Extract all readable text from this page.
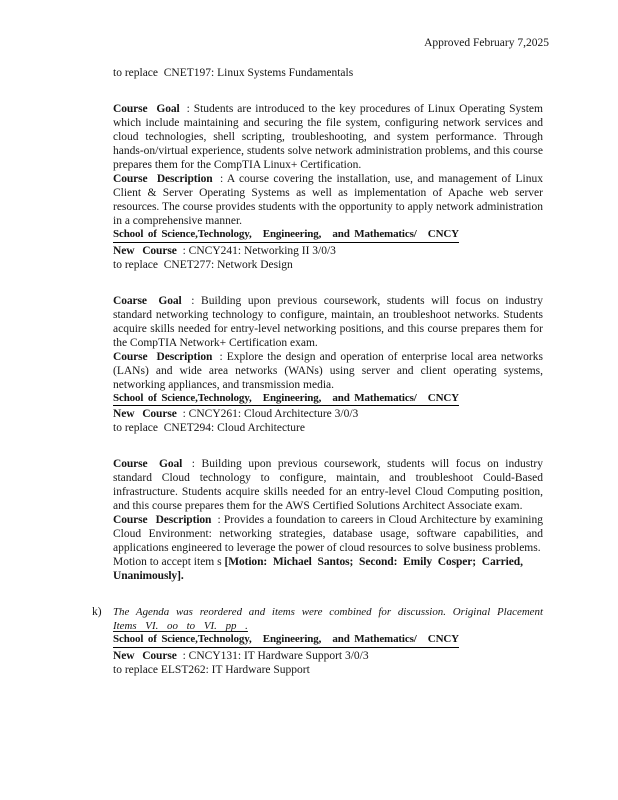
Approved February 7,2025
to replace  CNET197: Linux Systems Fundamentals
Course Goal : Students are introduced to the key procedures of Linux Operating System which include maintaining and securing the file system, configuring network services and cloud technologies, shell scripting, troubleshooting, and system performance. Through hands-on/virtual experience, students solve network administration problems, and this course prepares them for the CompTIA Linux+ Certification.
Course Description : A course covering the installation, use, and management of Linux Client & Server Operating Systems as well as implementation of Apache web server resources. The course provides students with the opportunity to apply network administration in a comprehensive manner.
School of Science,Technology, Engineering, and Mathematics/ CNCY
New Course : CNCY241: Networking II 3/0/3
to replace  CNET277: Network Design
Coarse Goal : Building upon previous coursework, students will focus on industry standard networking technology to configure, maintain, an troubleshoot networks. Students acquire skills needed for entry-level networking positions, and this course prepares them for the CompTIA Network+ Certification exam.
Course Description : Explore the design and operation of enterprise local area networks (LANs) and wide area networks (WANs) using server and client operating systems, networking appliances, and transmission media.
School of Science,Technology, Engineering, and Mathematics/ CNCY
New Course : CNCY261: Cloud Architecture 3/0/3
to replace  CNET294: Cloud Architecture
Course Goal : Building upon previous coursework, students will focus on industry standard Cloud technology to configure, maintain, and troubleshoot Could-Based infrastructure. Students acquire skills needed for an entry-level Cloud Computing position, and this course prepares them for the AWS Certified Solutions Architect Associate exam.
Course Description : Provides a foundation to careers in Cloud Architecture by examining Cloud Environment: networking strategies, database usage, software capabilities, and applications engineered to leverage the power of cloud resources to solve business problems.
Motion to accept item s [Motion: Michael Santos; Second: Emily Cosper; Carried, Unanimously].
k) The Agenda was reordered and items were combined for discussion. Original Placement
Items VI. oo to VI. pp .
School of Science,Technology, Engineering, and Mathematics/ CNCY
New Course : CNCY131: IT Hardware Support 3/0/3
to replace ELST262: IT Hardware Support
